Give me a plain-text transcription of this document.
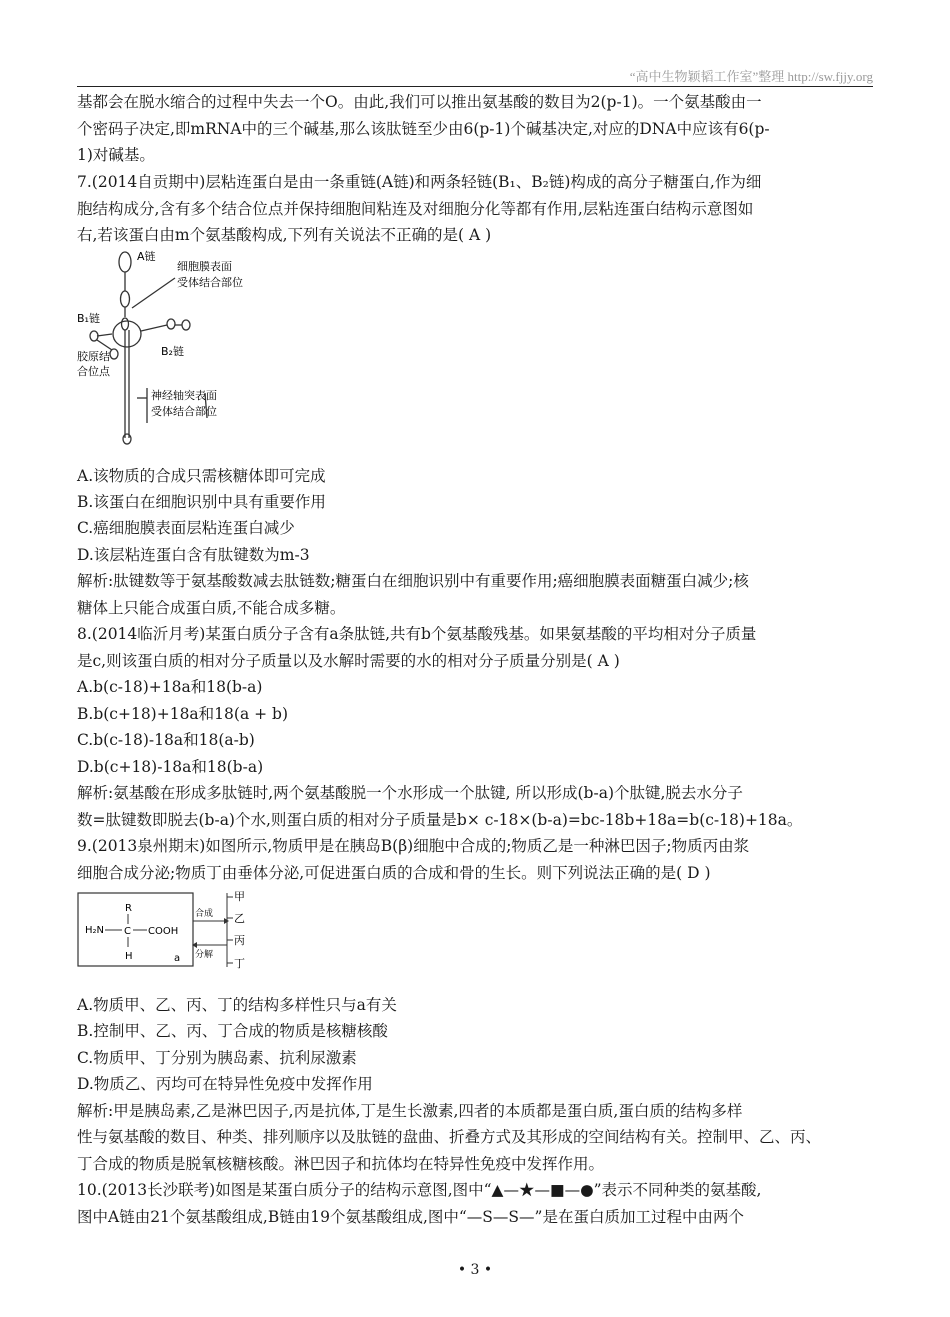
“高中生物颖韬工作室”整理 http://sw.fjjy.org
基都会在脱水缩合的过程中失去一个O。由此,我们可以推出氨基酸的数目为2(p-1)。一个氨基酸由一
个密码子决定,即mRNA中的三个碱基,那么该肽链至少由6(p-1)个碱基决定,对应的DNA中应该有6(p-
1)对碱基。
7.(2014自贡期中)层粘连蛋白是由一条重链(A链)和两条轻链(B₁、B₂链)构成的高分子糖蛋白,作为细
胞结构成分,含有多个结合位点并保持细胞间粘连及对细胞分化等都有作用,层粘连蛋白结构示意图如
右,若该蛋白由m个氨基酸构成,下列有关说法不正确的是( A )
A链
细胞膜表面
受体结合部位
B₁链
B₂链
胶原结
合位点
神经轴突表面
受体结合部位
A.该物质的合成只需核糖体即可完成
B.该蛋白在细胞识别中具有重要作用
C.癌细胞膜表面层粘连蛋白减少
D.该层粘连蛋白含有肽键数为m-3
解析:肽键数等于氨基酸数减去肽链数;糖蛋白在细胞识别中有重要作用;癌细胞膜表面糖蛋白减少;核
糖体上只能合成蛋白质,不能合成多糖。
8.(2014临沂月考)某蛋白质分子含有a条肽链,共有b个氨基酸残基。如果氨基酸的平均相对分子质量
是c,则该蛋白质的相对分子质量以及水解时需要的水的相对分子质量分别是( A )
A.b(c-18)+18a和18(b-a)
B.b(c+18)+18a和18(a + b)
C.b(c-18)-18a和18(a-b)
D.b(c+18)-18a和18(b-a)
解析:氨基酸在形成多肽链时,两个氨基酸脱一个水形成一个肽键, 所以形成(b-a)个肽键,脱去水分子
数=肽键数即脱去(b-a)个水,则蛋白质的相对分子质量是b× c-18×(b-a)=bc-18b+18a=b(c-18)+18a。
9.(2013泉州期末)如图所示,物质甲是在胰岛B(β)细胞中合成的;物质乙是一种淋巴因子;物质丙由浆
细胞合成分泌;物质丁由垂体分泌,可促进蛋白质的合成和骨的生长。则下列说法正确的是( D )
R
H₂N C COOH
H	a
合成
分解
甲
乙
丙
丁
A.物质甲、乙、丙、丁的结构多样性只与a有关
B.控制甲、乙、丙、丁合成的物质是核糖核酸
C.物质甲、丁分别为胰岛素、抗利尿激素
D.物质乙、丙均可在特异性免疫中发挥作用
解析:甲是胰岛素,乙是淋巴因子,丙是抗体,丁是生长激素,四者的本质都是蛋白质,蛋白质的结构多样
性与氨基酸的数目、种类、排列顺序以及肽链的盘曲、折叠方式及其形成的空间结构有关。控制甲、乙、丙、
丁合成的物质是脱氧核糖核酸。淋巴因子和抗体均在特异性免疫中发挥作用。
10.(2013长沙联考)如图是某蛋白质分子的结构示意图,图中“▲—★—■—●”表示不同种类的氨基酸,
图中A链由21个氨基酸组成,B链由19个氨基酸组成,图中“—S—S—”是在蛋白质加工过程中由两个
• 3 •
